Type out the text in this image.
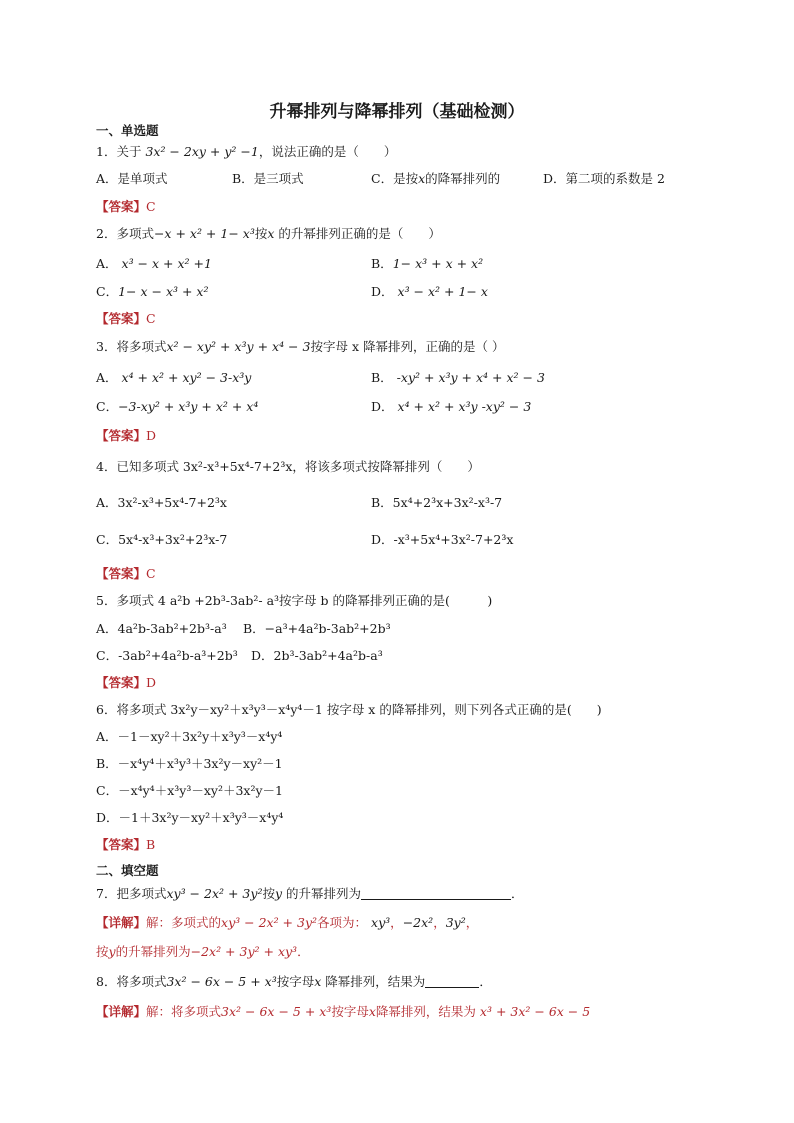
升幂排列与降幂排列（基础检测）
一、单选题
1．关于 3x² − 2xy + y² −1，说法正确的是（　　）
A．是单项式	B．是三项式	C．是按x的降幂排列的	D．第二项的系数是 2
【答案】C
2．多项式−x + x² + 1− x³按x 的升幂排列正确的是（　　）
A． x³ − x + x² +1	B．1− x³ + x + x²
C．1− x − x³ + x²	D． x³ − x² + 1− x
【答案】C
3．将多项式x² − xy² + x³y + x⁴ − 3按字母 x 降幂排列，正确的是（ ）
A． x⁴ + x² + xy² − 3-x³y	B． -xy² + x³y + x⁴ + x² − 3
C．−3-xy² + x³y + x² + x⁴	D． x⁴ + x² + x³y -xy² − 3
【答案】D
4．已知多项式 3x²-x³+5x⁴-7+2³x，将该多项式按降幂排列（　　）
A．3x²-x³+5x⁴-7+2³x	B．5x⁴+2³x+3x²-x³-7
C．5x⁴-x³+3x²+2³x-7	D．-x³+5x⁴+3x²-7+2³x
【答案】C
5．多项式 4 a²b +2b³-3ab²- a³按字母 b 的降幂排列正确的是(　　　)
A．4a²b-3ab²+2b³-a³ B．−a³+4a²b-3ab²+2b³
C．-3ab²+4a²b-a³+2b³ D．2b³-3ab²+4a²b-a³
【答案】D
6．将多项式 3x²y－xy²＋x³y³－x⁴y⁴－1 按字母 x 的降幂排列，则下列各式正确的是(　　)
A．－1－xy²＋3x²y＋x³y³－x⁴y⁴
B．－x⁴y⁴＋x³y³＋3x²y－xy²－1
C．－x⁴y⁴＋x³y³－xy²＋3x²y－1
D．－1＋3x²y－xy²＋x³y³－x⁴y⁴
【答案】B
二、填空题
7．把多项式xy³ − 2x² + 3y²按y 的升幂排列为	．
【详解】解：多项式的xy³ − 2x² + 3y²各项为： xy³，−2x²，3y²，
按y的升幂排列为−2x² + 3y² + xy³．
8．将多项式3x² − 6x − 5 + x³按字母x 降幂排列，结果为	．
【详解】解：将多项式3x² − 6x − 5 + x³按字母x降幂排列，结果为 x³ + 3x² − 6x − 5
